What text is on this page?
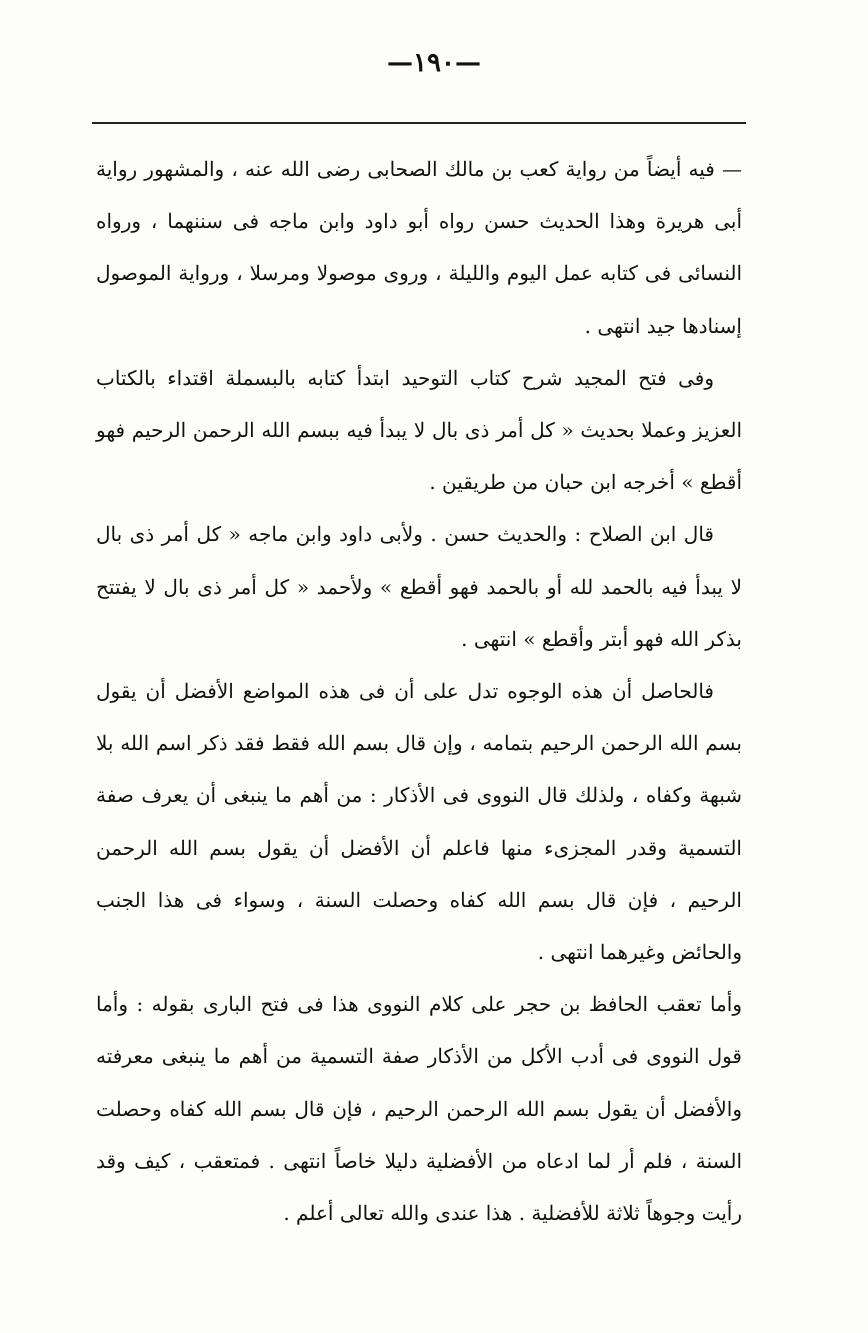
—١٩٠—

— فيه أيضاً من رواية كعب بن مالك الصحابى رضى الله عنه ، والمشهور رواية أبى هريرة وهذا الحديث حسن رواه أبو داود وابن ماجه فى سننهما ، ورواه النسائى فى كتابه عمل اليوم والليلة ، وروى موصولا ومرسلا ، ورواية الموصول إسنادها جيد انتهى .

وفى فتح المجيد شرح كتاب التوحيد ابتدأ كتابه بالبسملة اقتداء بالكتاب العزيز وعملا بحديث « كل أمر ذى بال لا يبدأ فيه ببسم الله الرحمن الرحيم فهو أقطع » أخرجه ابن حبان من طريقين .

قال ابن الصلاح : والحديث حسن . ولأبى داود وابن ماجه « كل أمر ذى بال لا يبدأ فيه بالحمد لله أو بالحمد فهو أقطع » ولأحمد « كل أمر ذى بال لا يفتتح بذكر الله فهو أبتر وأقطع » انتهى .

فالحاصل أن هذه الوجوه تدل على أن فى هذه المواضع الأفضل أن يقول بسم الله الرحمن الرحيم بتمامه ، وإن قال بسم الله فقط فقد ذكر اسم الله بلا شبهة وكفاه ، ولذلك قال النووى فى الأذكار : من أهم ما ينبغى أن يعرف صفة التسمية وقدر المجزىء منها فاعلم أن الأفضل أن يقول بسم الله الرحمن الرحيم ، فإن قال بسم الله كفاه وحصلت السنة ، وسواء فى هذا الجنب والحائض وغيرهما انتهى .

وأما تعقب الحافظ بن حجر على كلام النووى هذا فى فتح البارى بقوله : وأما قول النووى فى أدب الأكل من الأذكار صفة التسمية من أهم ما ينبغى معرفته والأفضل أن يقول بسم الله الرحمن الرحيم ، فإن قال بسم الله كفاه وحصلت السنة ، فلم أر لما ادعاه من الأفضلية دليلا خاصاً انتهى . فمتعقب ، كيف وقد رأيت وجوهاً ثلاثة للأفضلية . هذا عندى والله تعالى أعلم .
